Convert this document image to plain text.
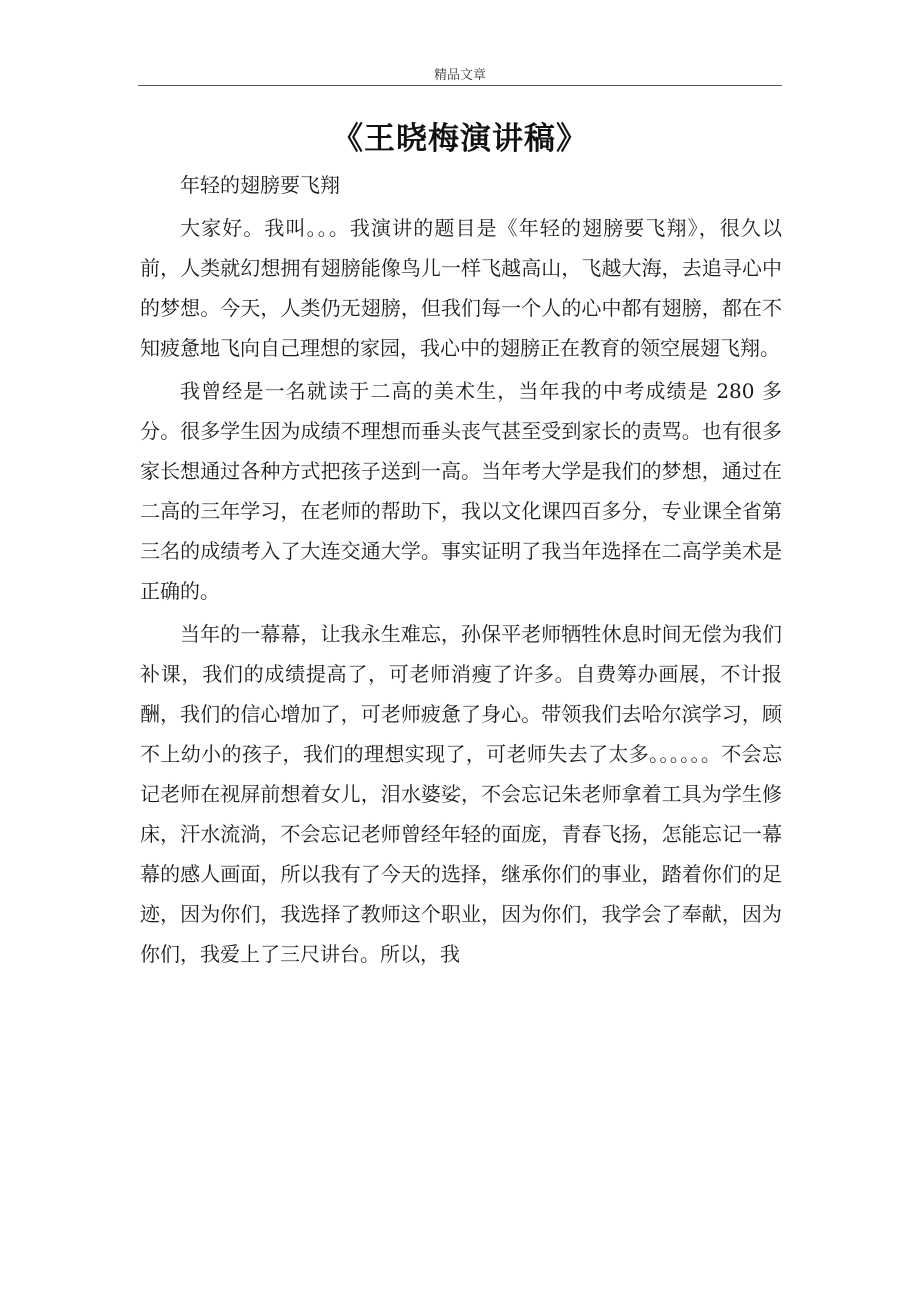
精品文章
《王晓梅演讲稿》

年轻的翅膀要飞翔

大家好。我叫。。。我演讲的题目是《年轻的翅膀要飞翔》，很久以前，人类就幻想拥有翅膀能像鸟儿一样飞越高山，飞越大海，去追寻心中的梦想。今天，人类仍无翅膀，但我们每一个人的心中都有翅膀，都在不知疲惫地飞向自己理想的家园，我心中的翅膀正在教育的领空展翅飞翔。

我曾经是一名就读于二高的美术生，当年我的中考成绩是 280 多分。很多学生因为成绩不理想而垂头丧气甚至受到家长的责骂。也有很多家长想通过各种方式把孩子送到一高。当年考大学是我们的梦想，通过在二高的三年学习，在老师的帮助下，我以文化课四百多分，专业课全省第三名的成绩考入了大连交通大学。事实证明了我当年选择在二高学美术是正确的。

当年的一幕幕，让我永生难忘，孙保平老师牺牲休息时间无偿为我们补课，我们的成绩提高了，可老师消瘦了许多。自费筹办画展，不计报酬，我们的信心增加了，可老师疲惫了身心。带领我们去哈尔滨学习，顾不上幼小的孩子，我们的理想实现了，可老师失去了太多。。。。。。不会忘记老师在视屏前想着女儿，泪水婆娑，不会忘记朱老师拿着工具为学生修床，汗水流淌，不会忘记老师曾经年轻的面庞，青春飞扬，怎能忘记一幕幕的感人画面，所以我有了今天的选择，继承你们的事业，踏着你们的足迹，因为你们，我选择了教师这个职业，因为你们，我学会了奉献，因为你们，我爱上了三尺讲台。所以，我
